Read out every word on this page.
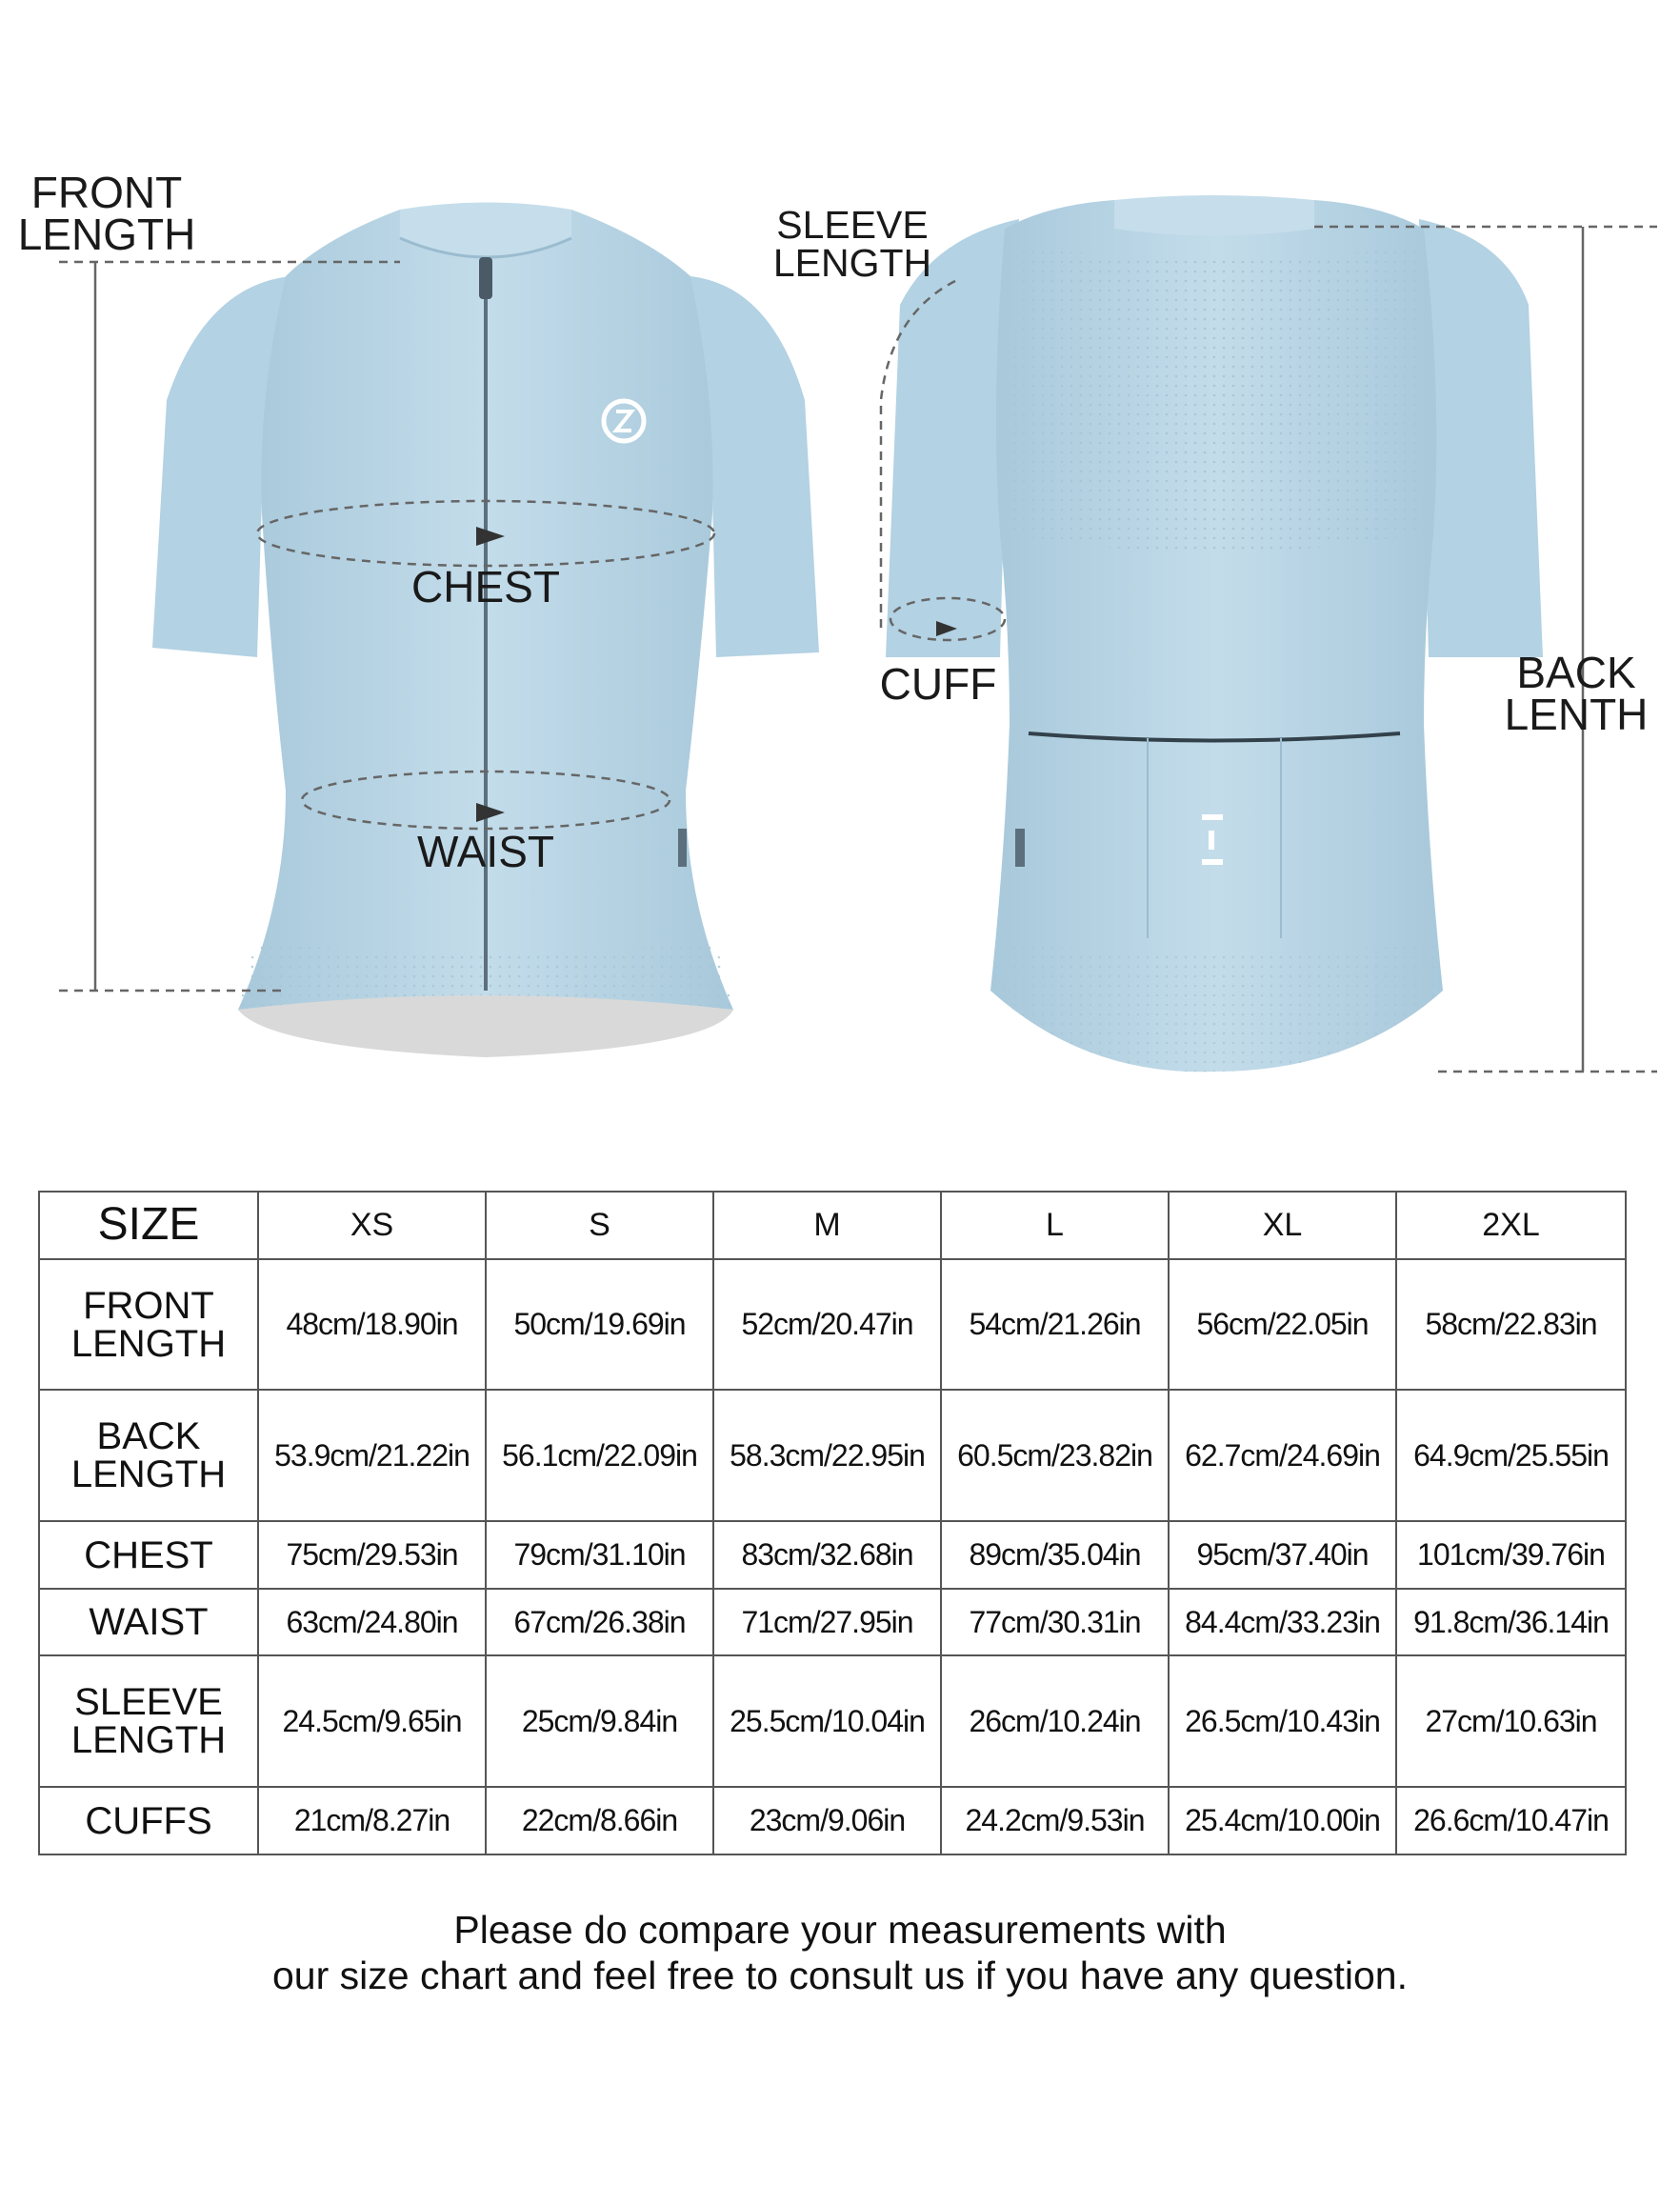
FRONT
LENGTH	SLEEVE
LENGTH
CHEST
WAIST
CUFF	BACK
LENTH
SIZE	XS	S	M	L	XL	2XL

FRONT
LENGTH	48cm/18.90in	50cm/19.69in	52cm/20.47in	54cm/21.26in	56cm/22.05in	58cm/22.83in

BACK
LENGTH	53.9cm/21.22in	56.1cm/22.09in	58.3cm/22.95in	60.5cm/23.82in	62.7cm/24.69in	64.9cm/25.55in

CHEST	75cm/29.53in	79cm/31.10in	83cm/32.68in	89cm/35.04in	95cm/37.40in	101cm/39.76in

WAIST	63cm/24.80in	67cm/26.38in	71cm/27.95in	77cm/30.31in	84.4cm/33.23in	91.8cm/36.14in

SLEEVE
LENGTH	24.5cm/9.65in	25cm/9.84in	25.5cm/10.04in	26cm/10.24in	26.5cm/10.43in	27cm/10.63in

CUFFS	21cm/8.27in	22cm/8.66in	23cm/9.06in	24.2cm/9.53in	25.4cm/10.00in	26.6cm/10.47in
Please do compare your measurements with
our size chart and feel free to consult us if you have any question.
